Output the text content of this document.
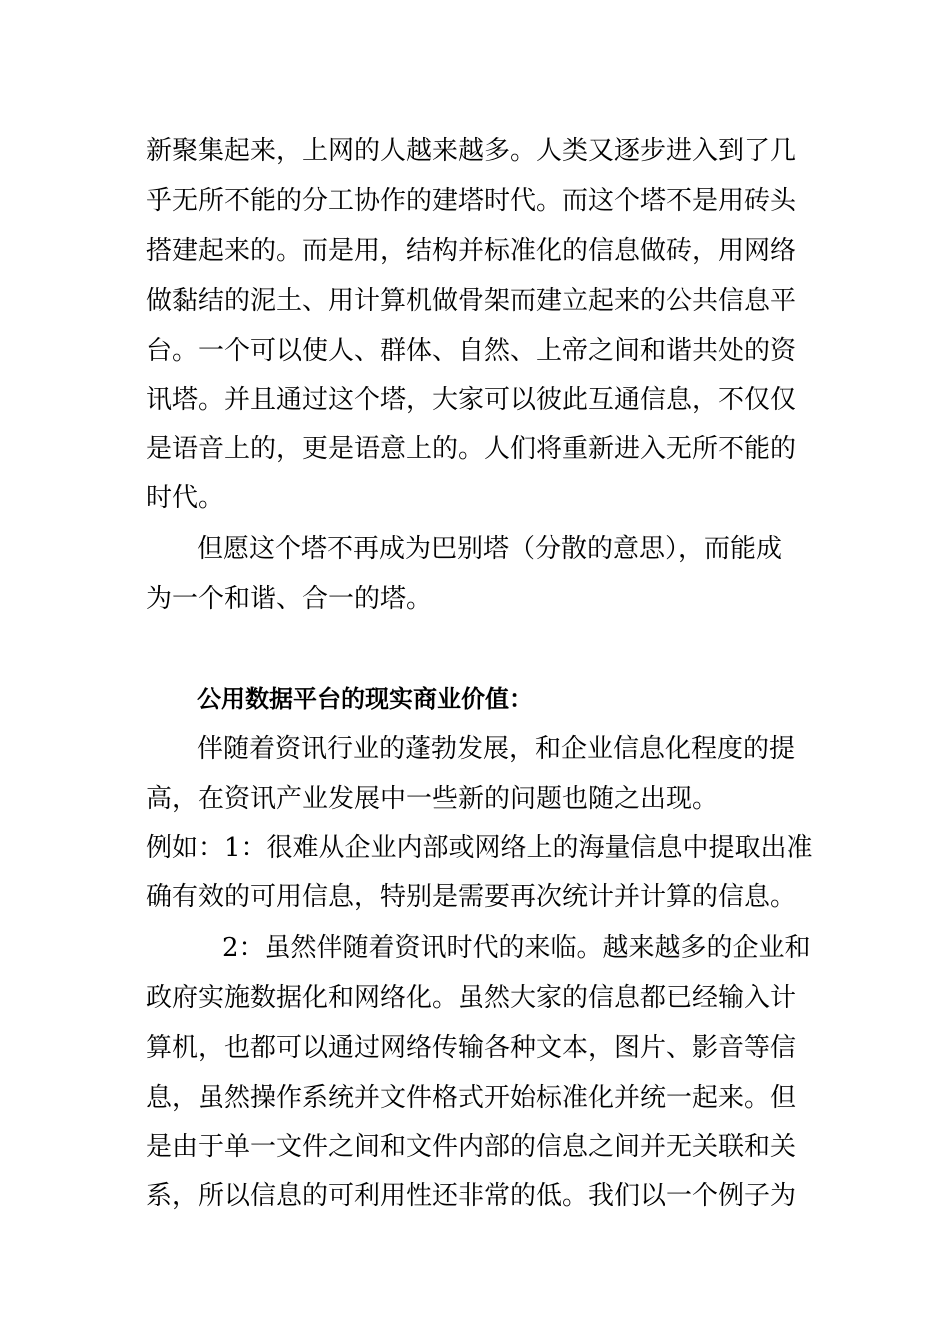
新聚集起来，上网的人越来越多。人类又逐步进入到了几
乎无所不能的分工协作的建塔时代。而这个塔不是用砖头
搭建起来的。而是用，结构并标准化的信息做砖，用网络
做黏结的泥土、用计算机做骨架而建立起来的公共信息平
台。一个可以使人、群体、自然、上帝之间和谐共处的资
讯塔。并且通过这个塔，大家可以彼此互通信息，不仅仅
是语音上的，更是语意上的。人们将重新进入无所不能的
时代。
但愿这个塔不再成为巴别塔（分散的意思），而能成
为一个和谐、合一的塔。
公用数据平台的现实商业价值：
伴随着资讯行业的蓬勃发展，和企业信息化程度的提
高，在资讯产业发展中一些新的问题也随之出现。
例如：1：很难从企业内部或网络上的海量信息中提取出准
确有效的可用信息，特别是需要再次统计并计算的信息。
2：虽然伴随着资讯时代的来临。越来越多的企业和
政府实施数据化和网络化。虽然大家的信息都已经输入计
算机，也都可以通过网络传输各种文本，图片、影音等信
息，虽然操作系统并文件格式开始标准化并统一起来。但
是由于单一文件之间和文件内部的信息之间并无关联和关
系，所以信息的可利用性还非常的低。我们以一个例子为
